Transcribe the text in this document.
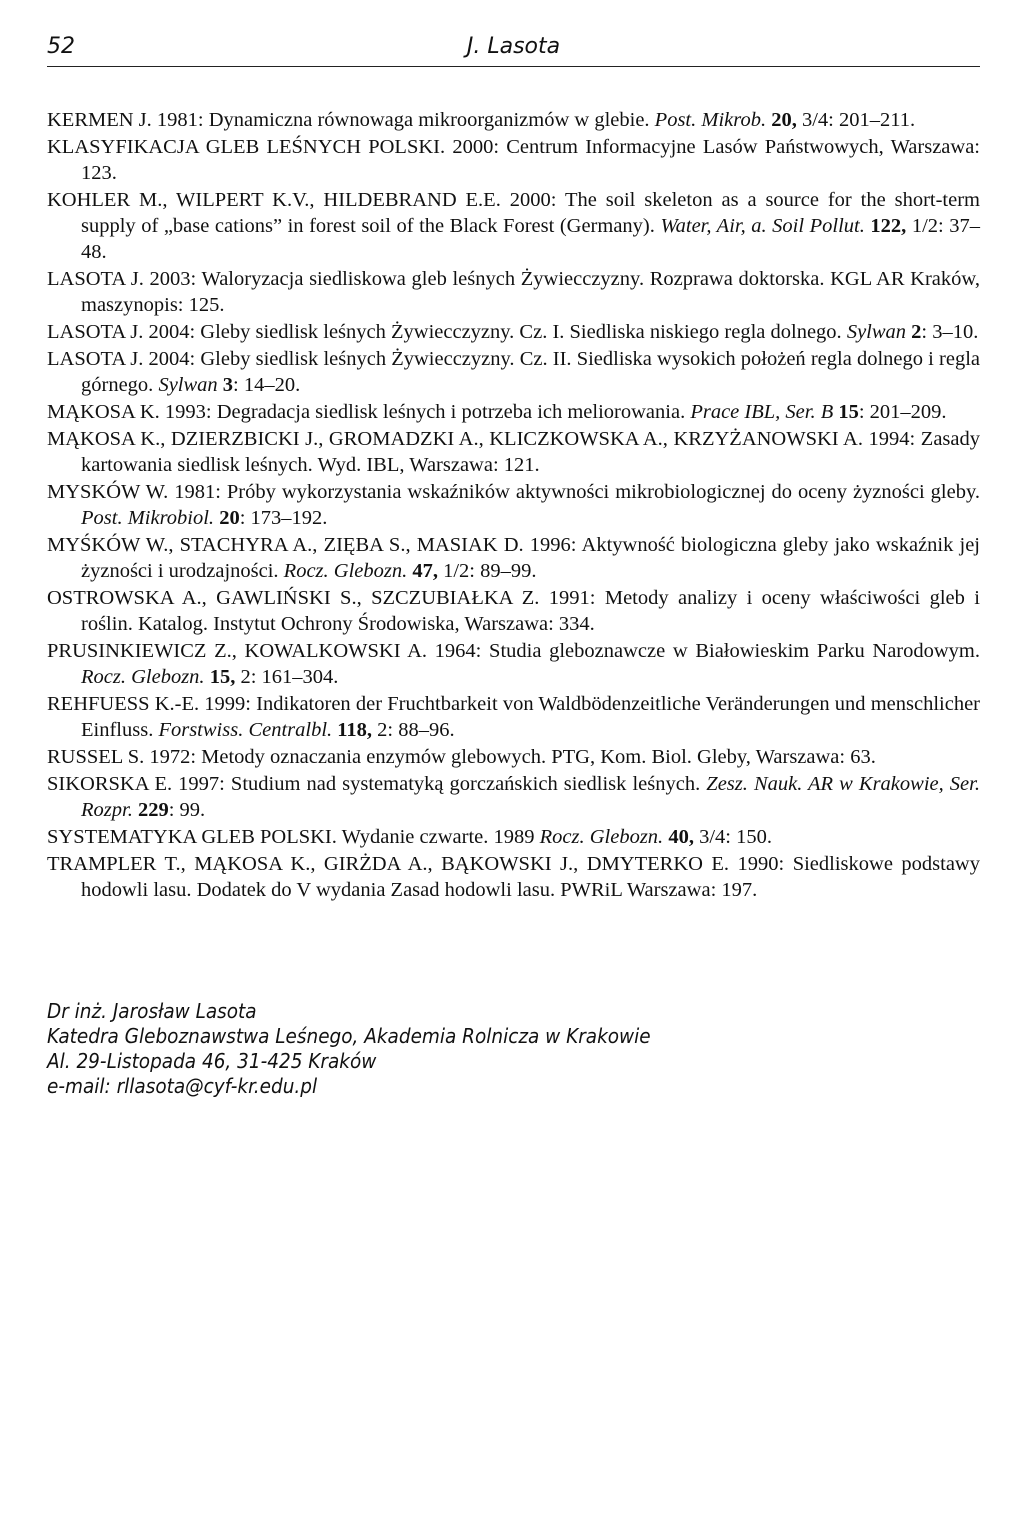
52	J. Lasota
KERMEN J. 1981: Dynamiczna równowaga mikroorganizmów w glebie. Post. Mikrob. 20, 3/4: 201–211.
KLASYFIKACJA GLEB LEŚNYCH POLSKI. 2000: Centrum Informacyjne Lasów Państwowych, Warszawa: 123.
KOHLER M., WILPERT K.V., HILDEBRAND E.E. 2000: The soil skeleton as a source for the short-term supply of „base cations” in forest soil of the Black Forest (Germany). Water, Air, a. Soil Pollut. 122, 1/2: 37–48.
LASOTA J. 2003: Waloryzacja siedliskowa gleb leśnych Żywiecczyzny. Rozprawa doktorska. KGL AR Kraków, maszynopis: 125.
LASOTA J. 2004: Gleby siedlisk leśnych Żywiecczyzny. Cz. I. Siedliska niskiego regla dolnego. Sylwan 2: 3–10.
LASOTA J. 2004: Gleby siedlisk leśnych Żywiecczyzny. Cz. II. Siedliska wysokich położeń regla dolnego i regla górnego. Sylwan 3: 14–20.
MĄKOSA K. 1993: Degradacja siedlisk leśnych i potrzeba ich meliorowania. Prace IBL, Ser. B 15: 201–209.
MĄKOSA K., DZIERZBICKI J., GROMADZKI A., KLICZKOWSKA A., KRZYŻANOWSKI A. 1994: Zasady kartowania siedlisk leśnych. Wyd. IBL, Warszawa: 121.
MYSKÓW W. 1981: Próby wykorzystania wskaźników aktywności mikrobiologicznej do oceny żyzności gleby. Post. Mikrobiol. 20: 173–192.
MYŚKÓW W., STACHYRA A., ZIĘBA S., MASIAK D. 1996: Aktywność biologiczna gleby jako wskaźnik jej żyzności i urodzajności. Rocz. Glebozn. 47, 1/2: 89–99.
OSTROWSKA A., GAWLIŃSKI S., SZCZUBIAŁKA Z. 1991: Metody analizy i oceny właściwości gleb i roślin. Katalog. Instytut Ochrony Środowiska, Warszawa: 334.
PRUSINKIEWICZ Z., KOWALKOWSKI A. 1964: Studia gleboznawcze w Białowieskim Parku Narodowym. Rocz. Glebozn. 15, 2: 161–304.
REHFUESS K.-E. 1999: Indikatoren der Fruchtbarkeit von Waldbödenzeitliche Veränderungen und menschlicher Einfluss. Forstwiss. Centralbl. 118, 2: 88–96.
RUSSEL S. 1972: Metody oznaczania enzymów glebowych. PTG, Kom. Biol. Gleby, Warszawa: 63.
SIKORSKA E. 1997: Studium nad systematyką gorczańskich siedlisk leśnych. Zesz. Nauk. AR w Krakowie, Ser. Rozpr. 229: 99.
SYSTEMATYKA GLEB POLSKI. Wydanie czwarte. 1989 Rocz. Glebozn. 40, 3/4: 150.
TRAMPLER T., MĄKOSA K., GIRŻDA A., BĄKOWSKI J., DMYTERKO E. 1990: Siedliskowe podstawy hodowli lasu. Dodatek do V wydania Zasad hodowli lasu. PWRiL Warszawa: 197.
Dr inż. Jarosław Lasota
Katedra Gleboznawstwa Leśnego, Akademia Rolnicza w Krakowie
Al. 29-Listopada 46, 31-425 Kraków
e-mail: rllasota@cyf-kr.edu.pl
